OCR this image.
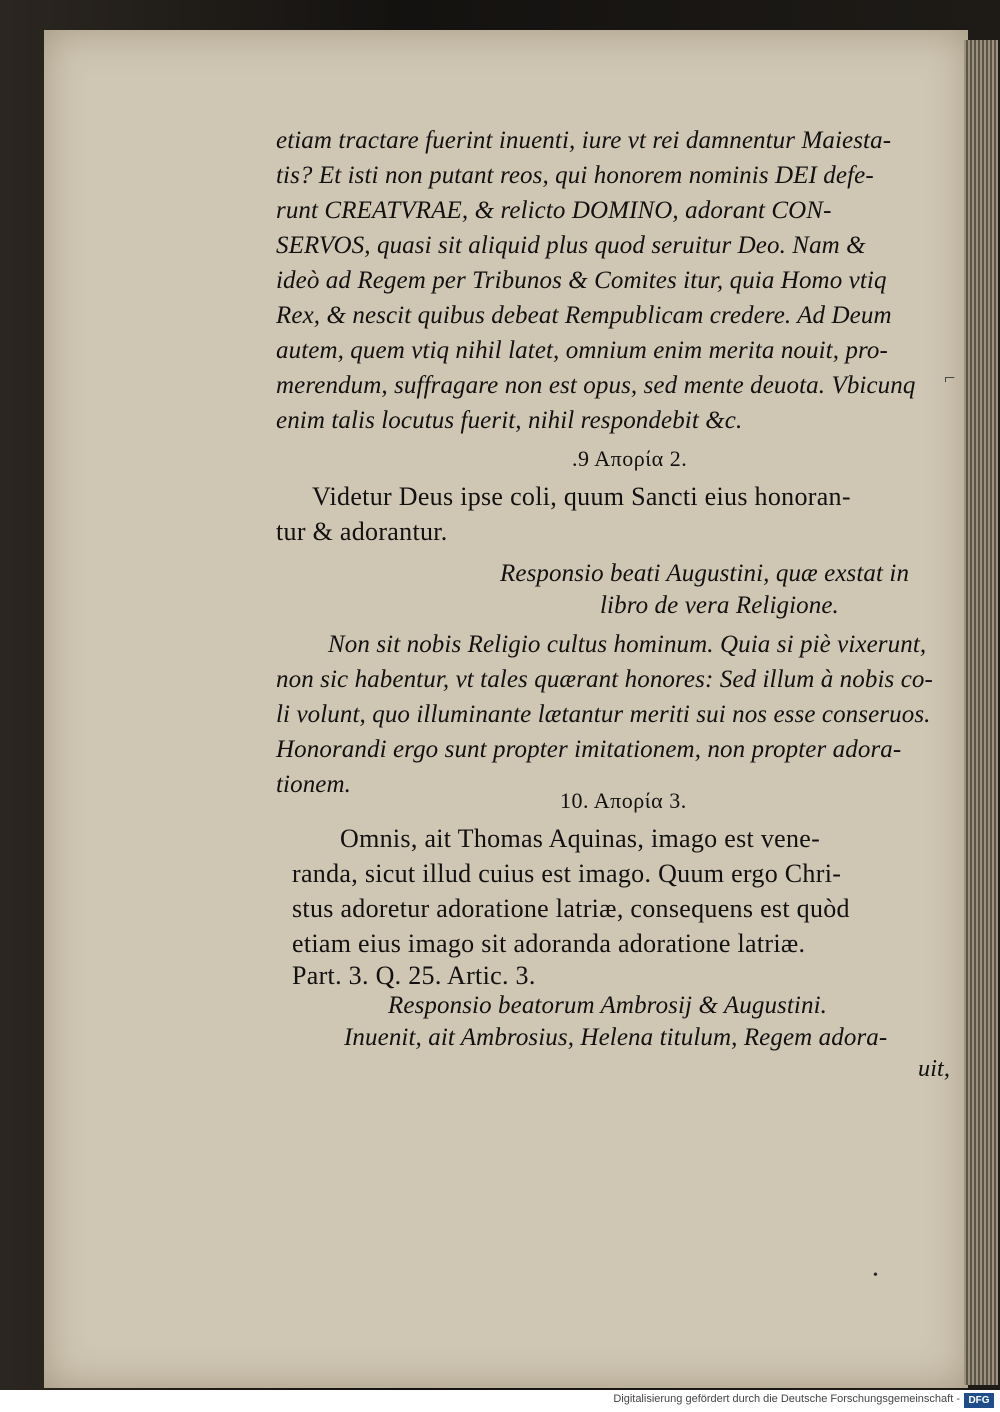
etiam tractare fuerint inuenti, iure vt rei damnentur Maiesta-
tis? Et isti non putant reos, qui honorem nominis DEI defe-
runt CREATVRAE, & relicto DOMINO, adorant CON-
SERVOS, quasi sit aliquid plus quod seruitur Deo. Nam &
ideò ad Regem per Tribunos & Comites itur, quia Homo vtiq
Rex, & nescit quibus debeat Rempublicam credere. Ad Deum
autem, quem vtiq nihil latet, omnium enim merita nouit, pro-
merendum, suffragare non est opus, sed mente deuota. Vbicunq
enim talis locutus fuerit, nihil respondebit &c.
.9 Απορία 2.
Videtur Deus ipse coli, quum Sancti eius honoran-
tur & adorantur.
Responsio beati Augustini, quæ exstat in
libro de vera Religione.
Non sit nobis Religio cultus hominum. Quia si piè vixerunt,
non sic habentur, vt tales quærant honores: Sed illum à nobis co-
li volunt, quo illuminante lætantur meriti sui nos esse conseruos.
Honorandi ergo sunt propter imitationem, non propter adora-
tionem.
10. Απορία 3.
Omnis, ait Thomas Aquinas, imago est vene-
randa, sicut illud cuius est imago. Quum ergo Chri-
stus adoretur adoratione latriæ, consequens est quòd
etiam eius imago sit adoranda adoratione latriæ.
Part. 3. Q. 25. Artic. 3.
Responsio beatorum Ambrosij & Augustini.
Inuenit, ait Ambrosius, Helena titulum, Regem adora-
uit,
⌐
•
Digitalisierung gefördert durch die Deutsche Forschungsgemeinschaft - DFG
